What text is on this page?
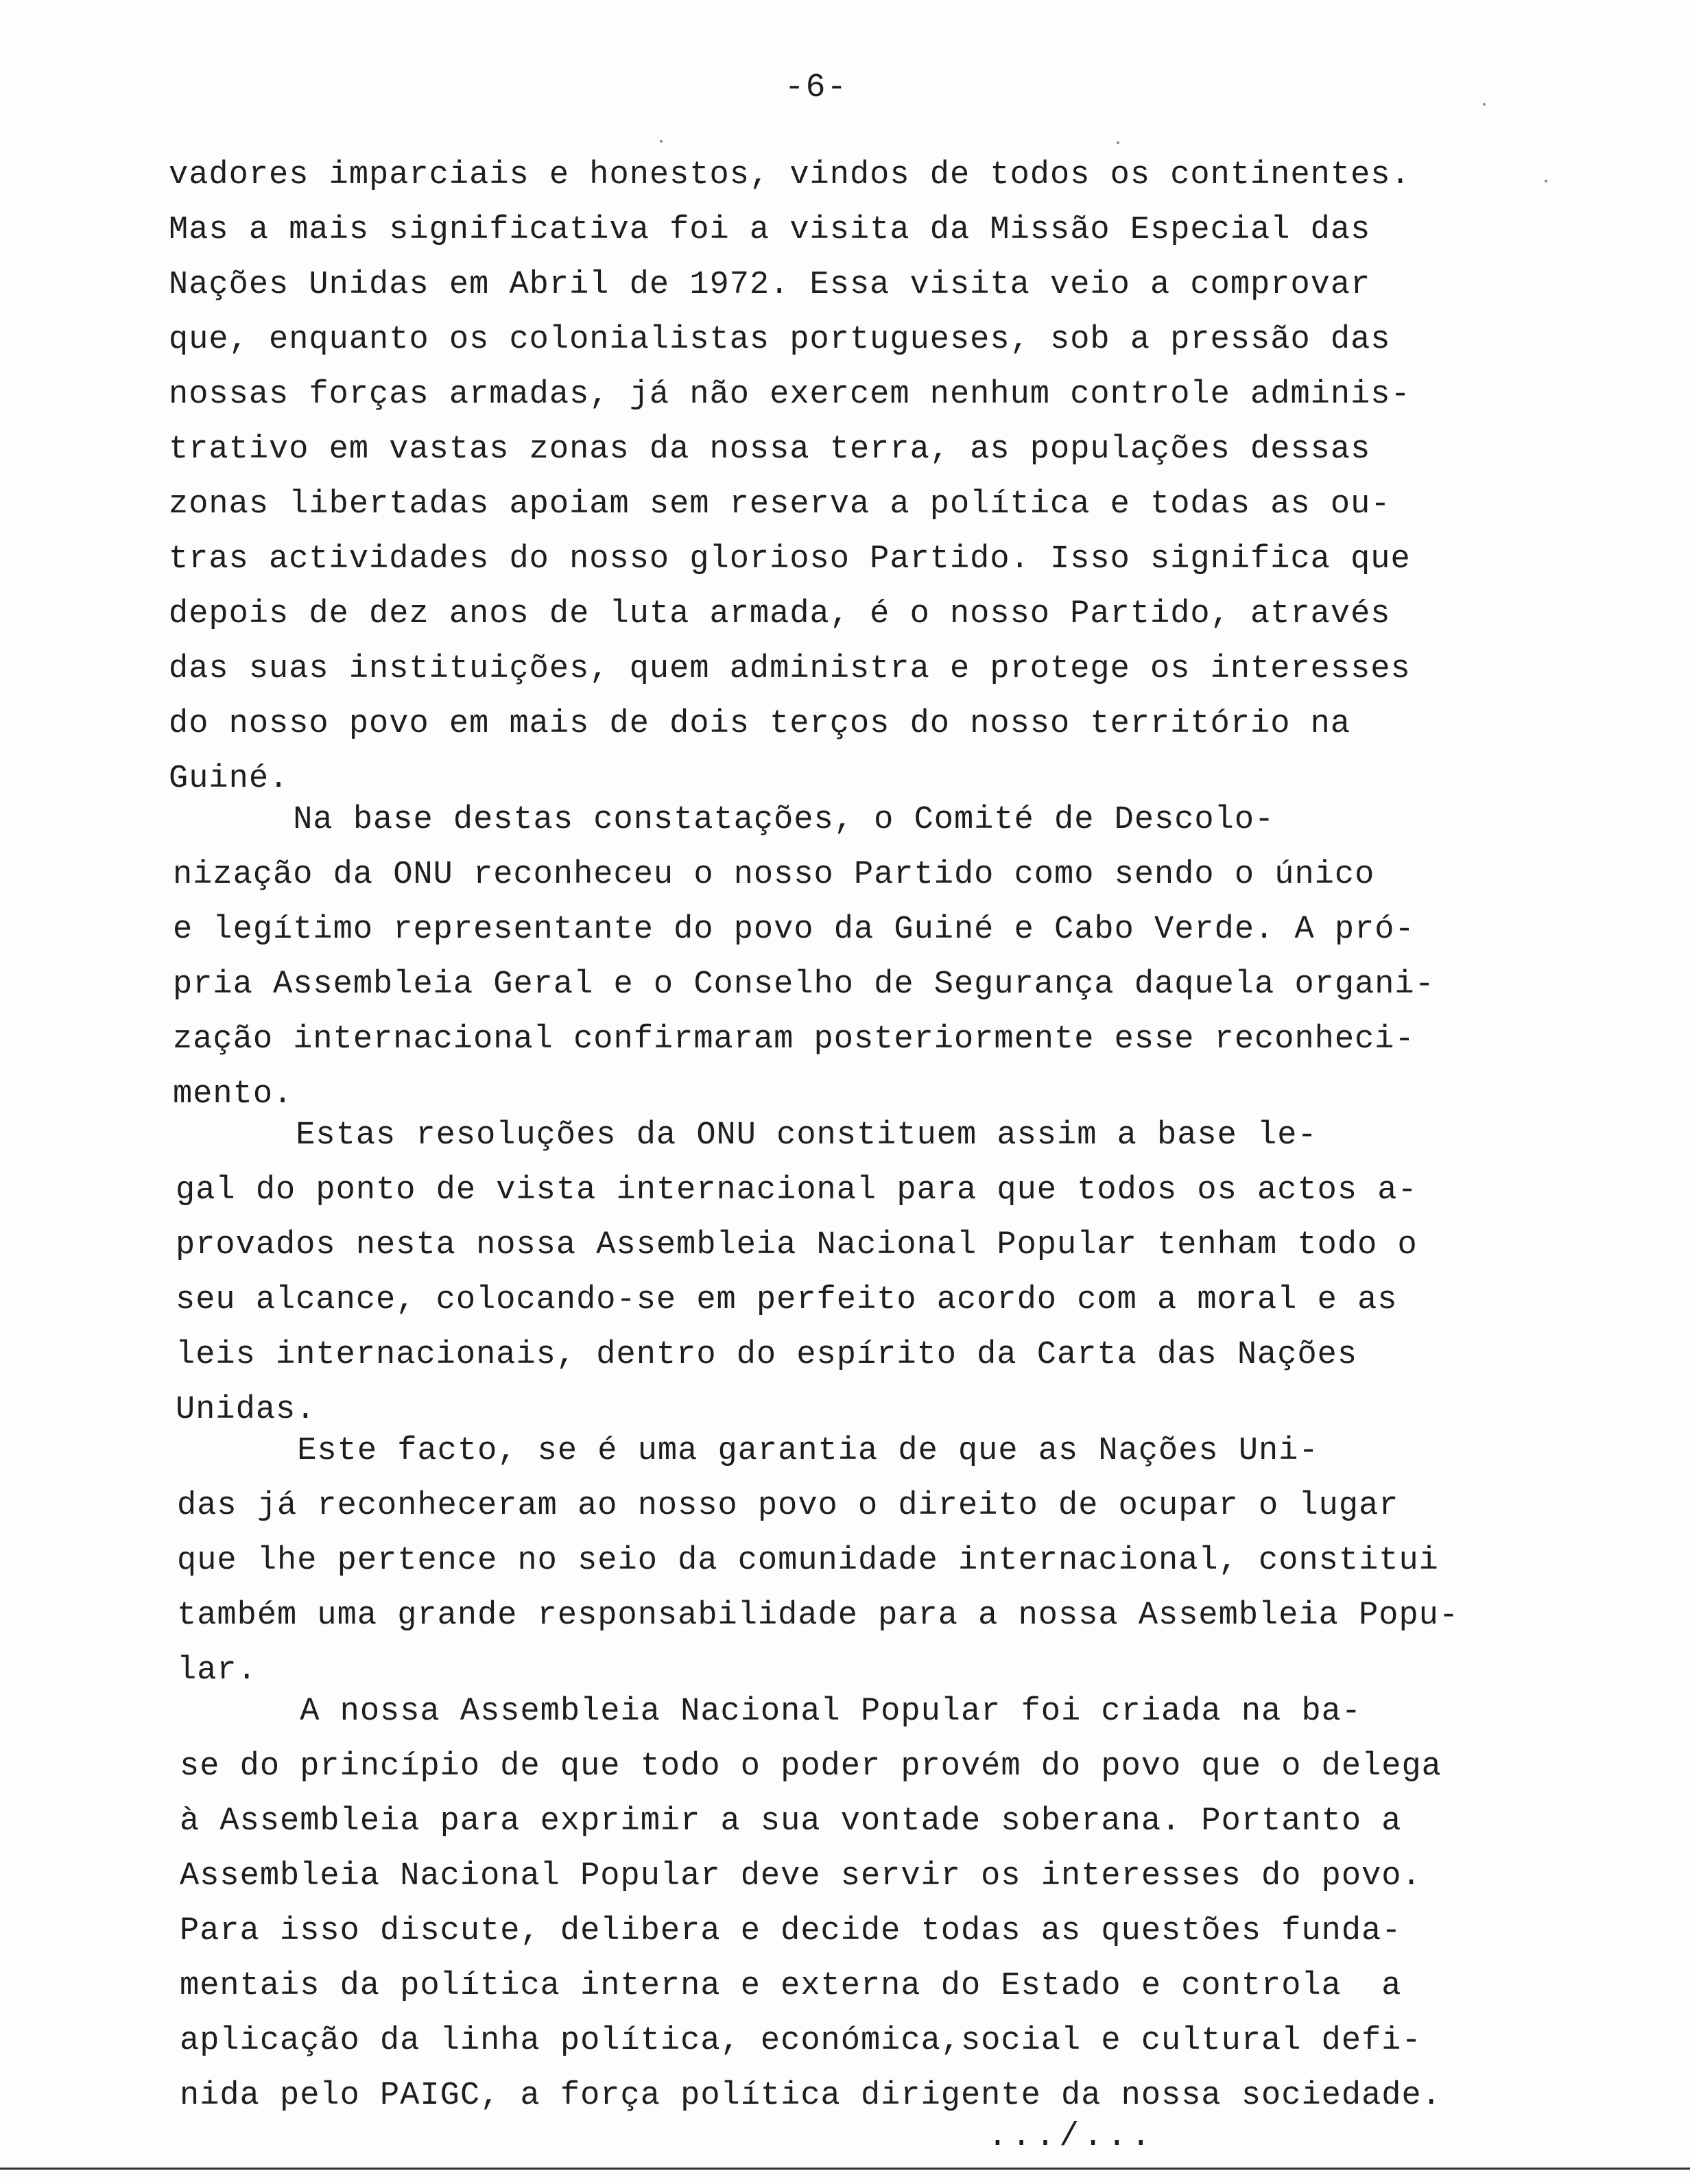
-6-
vadores imparciais e honestos, vindos de todos os continentes.
Mas a mais significativa foi a visita da Missão Especial das
Nações Unidas em Abril de 1972. Essa visita veio a comprovar
que, enquanto os colonialistas portugueses, sob a pressão das
nossas forças armadas, já não exercem nenhum controle adminis-
trativo em vastas zonas da nossa terra, as populações dessas
zonas libertadas apoiam sem reserva a política e todas as ou-
tras actividades do nosso glorioso Partido. Isso significa que
depois de dez anos de luta armada, é o nosso Partido, através
das suas instituições, quem administra e protege os interesses
do nosso povo em mais de dois terços do nosso território na
Guiné.
Na base destas constatações, o Comité de Descolo-
nização da ONU reconheceu o nosso Partido como sendo o único
e legítimo representante do povo da Guiné e Cabo Verde. A pró-
pria Assembleia Geral e o Conselho de Segurança daquela organi-
zação internacional confirmaram posteriormente esse reconheci-
mento.
Estas resoluções da ONU constituem assim a base le-
gal do ponto de vista internacional para que todos os actos a-
provados nesta nossa Assembleia Nacional Popular tenham todo o
seu alcance, colocando-se em perfeito acordo com a moral e as
leis internacionais, dentro do espírito da Carta das Nações
Unidas.
Este facto, se é uma garantia de que as Nações Uni-
das já reconheceram ao nosso povo o direito de ocupar o lugar
que lhe pertence no seio da comunidade internacional, constitui
também uma grande responsabilidade para a nossa Assembleia Popu-
lar.
A nossa Assembleia Nacional Popular foi criada na ba-
se do princípio de que todo o poder provém do povo que o delega
à Assembleia para exprimir a sua vontade soberana. Portanto a
Assembleia Nacional Popular deve servir os interesses do povo.
Para isso discute, delibera e decide todas as questões funda-
mentais da política interna e externa do Estado e controla  a
aplicação da linha política, económica,social e cultural defi-
nida pelo PAIGC, a força política dirigente da nossa sociedade.
.../...
